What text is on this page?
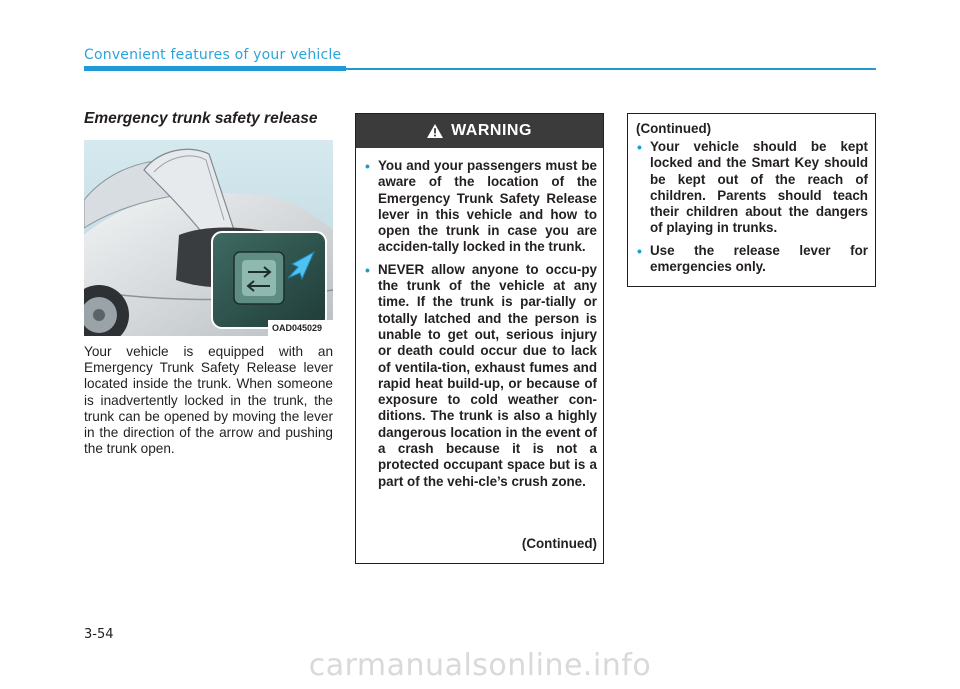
Convenient features of your vehicle
Emergency trunk safety release
OAD045029
Your vehicle is equipped with an Emergency Trunk Safety Release lever located inside the trunk. When someone is inadvertently locked in the trunk, the trunk can be opened by moving the lever in the direction of the arrow and pushing the trunk open.
WARNING
• You and your passengers must be aware of the location of the Emergency Trunk Safety Release lever in this vehicle and how to open the trunk in case you are acciden-tally locked in the trunk.
• NEVER allow anyone to occu-py the trunk of the vehicle at any time. If the trunk is par-tially or totally latched and the person is unable to get out, serious injury or death could occur due to lack of ventila-tion, exhaust fumes and rapid heat build-up, or because of exposure to cold weather con-ditions. The trunk is also a highly dangerous location in the event of a crash because it is not a protected occupant space but is a part of the vehi-cle’s crush zone.
(Continued)
(Continued)
• Your vehicle should be kept locked and the Smart Key should be kept out of the reach of children. Parents should teach their children about the dangers of playing in trunks.
• Use the release lever for emergencies only.
3-54
carmanualsonline.info
